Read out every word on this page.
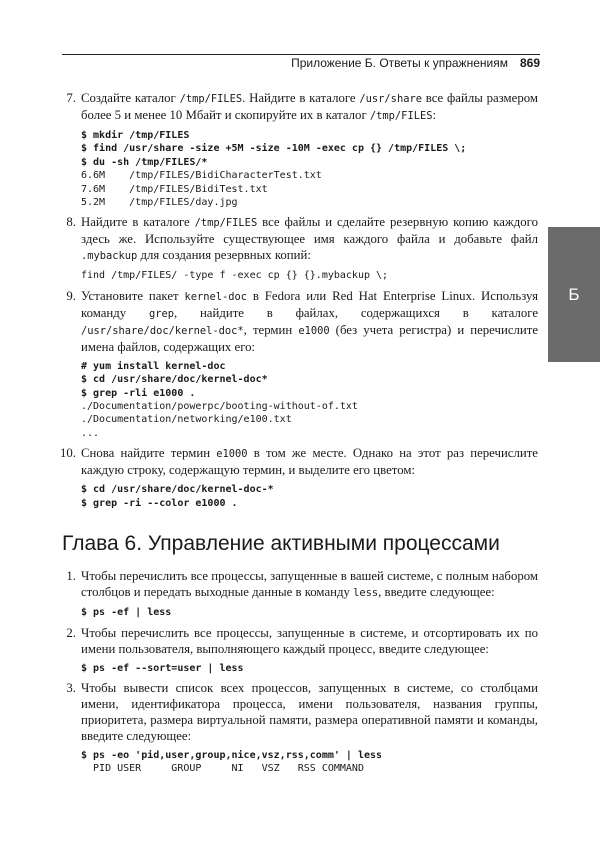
Приложение Б. Ответы к упражнениям 869
Б
7. Создайте каталог /tmp/FILES. Найдите в каталоге /usr/share все файлы размером более 5 и менее 10 Мбайт и скопируйте их в каталог /tmp/FILES:
$ mkdir /tmp/FILES
$ find /usr/share -size +5M -size -10M -exec cp {} /tmp/FILES \;
$ du -sh /tmp/FILES/*
6.6M    /tmp/FILES/BidiCharacterTest.txt
7.6M    /tmp/FILES/BidiTest.txt
5.2M    /tmp/FILES/day.jpg
8. Найдите в каталоге /tmp/FILES все файлы и сделайте резервную копию каждого здесь же. Используйте существующее имя каждого файла и добавьте файл .mybackup для создания резервных копий:
find /tmp/FILES/ -type f -exec cp {} {}.mybackup \;
9. Установите пакет kernel-doc в Fedora или Red Hat Enterprise Linux. Используя команду grep, найдите в файлах, содержащихся в каталоге /usr/share/doc/kernel-doc*, термин e1000 (без учета регистра) и перечислите имена файлов, содержащих его:
# yum install kernel-doc
$ cd /usr/share/doc/kernel-doc*
$ grep -rli e1000 .
./Documentation/powerpc/booting-without-of.txt
./Documentation/networking/e100.txt
...
10. Снова найдите термин e1000 в том же месте. Однако на этот раз перечислите каждую строку, содержащую термин, и выделите его цветом:
$ cd /usr/share/doc/kernel-doc-*
$ grep -ri --color e1000 .
Глава 6. Управление активными процессами
1. Чтобы перечислить все процессы, запущенные в вашей системе, с полным набором столбцов и передать выходные данные в команду less, введите следующее:
$ ps -ef | less
2. Чтобы перечислить все процессы, запущенные в системе, и отсортировать их по имени пользователя, выполняющего каждый процесс, введите следующее:
$ ps -ef --sort=user | less
3. Чтобы вывести список всех процессов, запущенных в системе, со столбцами имени, идентификатора процесса, имени пользователя, названия группы, приоритета, размера виртуальной памяти, размера оперативной памяти и команды, введите следующее:
$ ps -eo 'pid,user,group,nice,vsz,rss,comm' | less
PID USER     GROUP     NI   VSZ   RSS COMMAND
